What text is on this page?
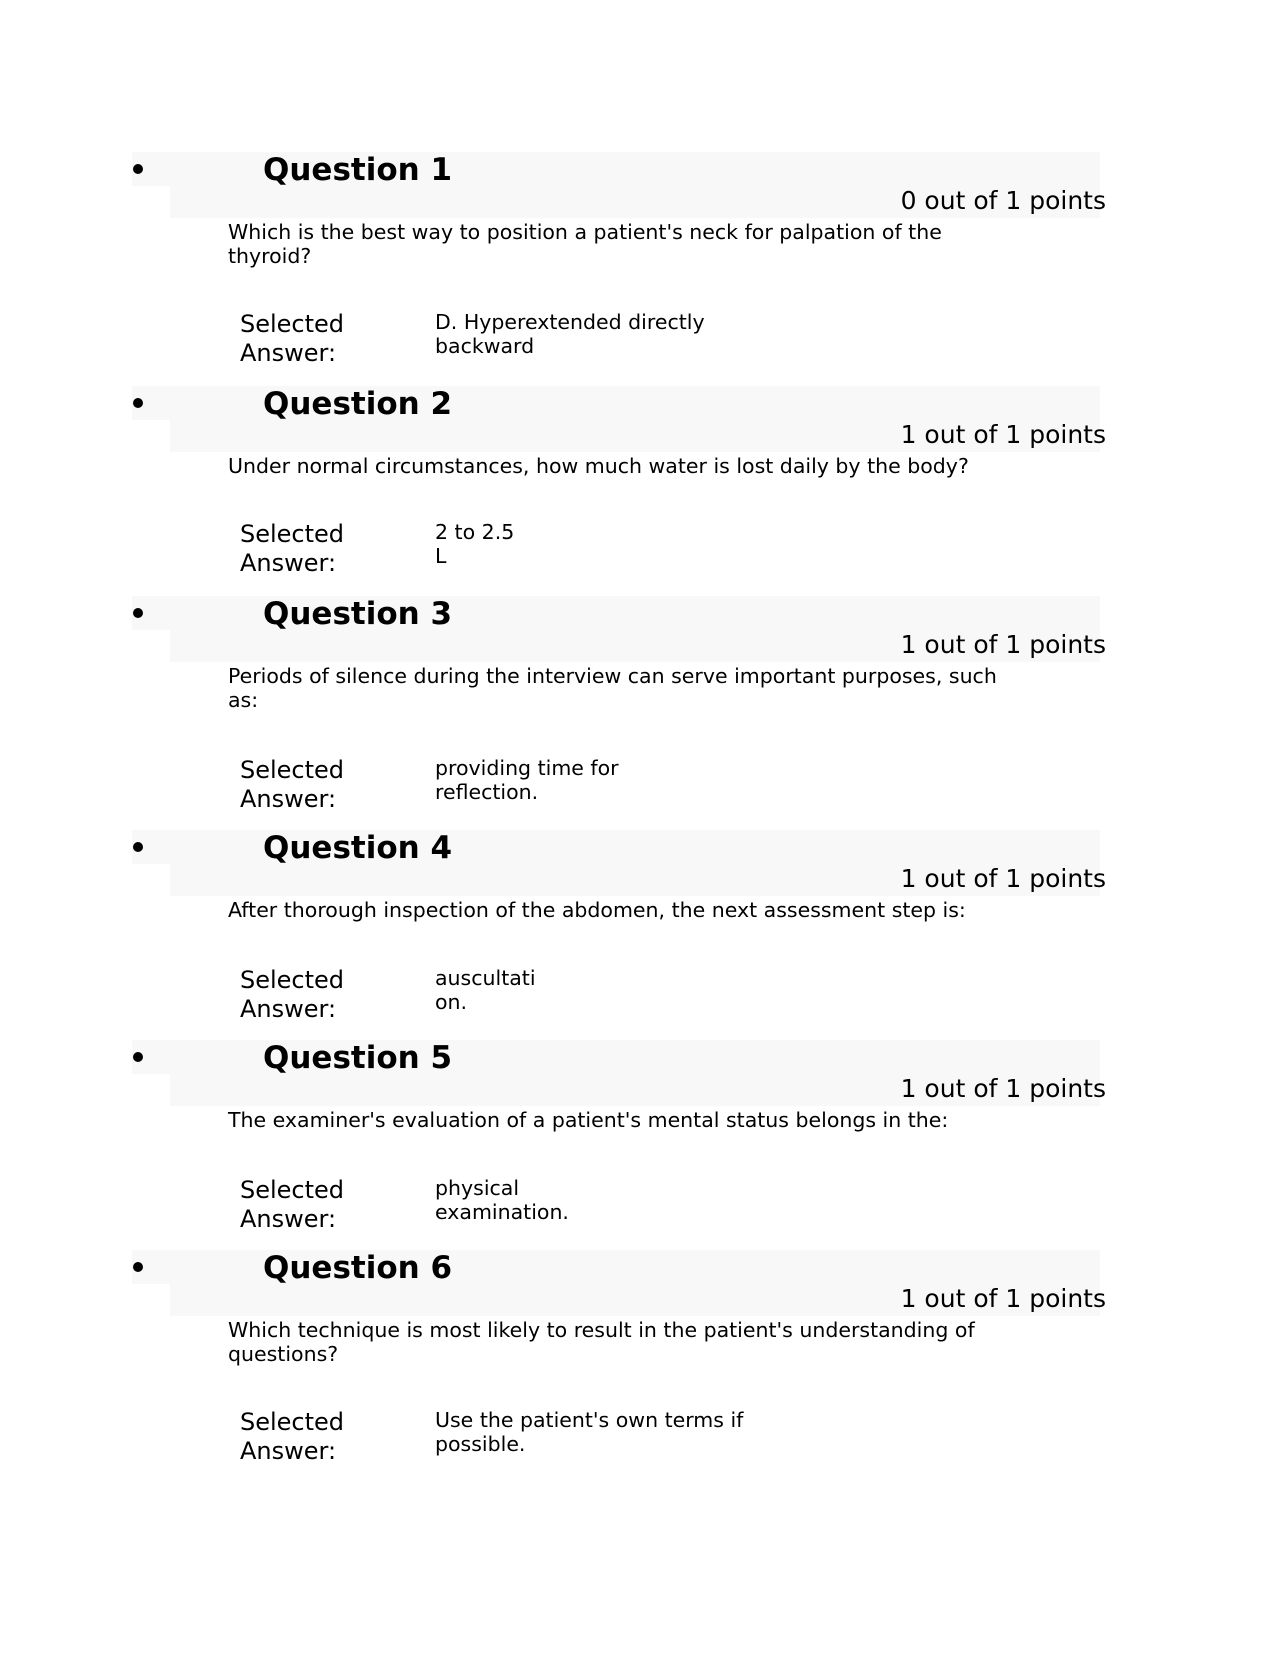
Question 1
0 out of 1 points
Which is the best way to position a patient's neck for palpation of the thyroid?
Selected Answer:
D. Hyperextended directly backward
Question 2
1 out of 1 points
Under normal circumstances, how much water is lost daily by the body?
Selected Answer:
2 to 2.5 L
Question 3
1 out of 1 points
Periods of silence during the interview can serve important purposes, such as:
Selected Answer:
providing time for reflection.
Question 4
1 out of 1 points
After thorough inspection of the abdomen, the next assessment step is:
Selected Answer:
auscultation.
Question 5
1 out of 1 points
The examiner's evaluation of a patient's mental status belongs in the:
Selected Answer:
physical examination.
Question 6
1 out of 1 points
Which technique is most likely to result in the patient's understanding of questions?
Selected Answer:
Use the patient's own terms if possible.
